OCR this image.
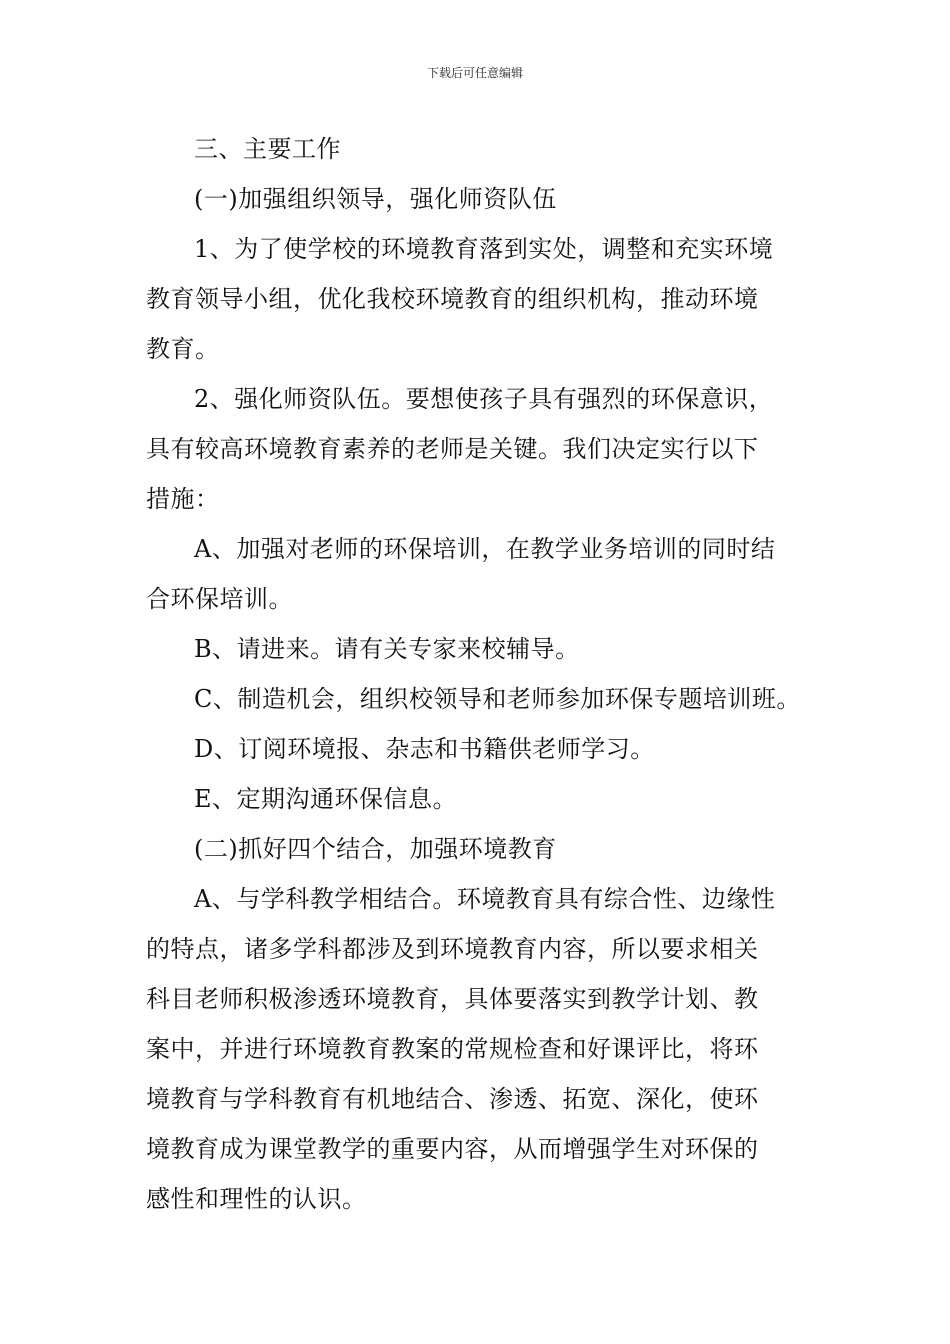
下载后可任意编辑
三、主要工作
(一)加强组织领导，强化师资队伍
1、为了使学校的环境教育落到实处，调整和充实环境
教育领导小组，优化我校环境教育的组织机构，推动环境
教育。
2、强化师资队伍。要想使孩子具有强烈的环保意识，
具有较高环境教育素养的老师是关键。我们决定实行以下
措施：
A、加强对老师的环保培训，在教学业务培训的同时结
合环保培训。
B、请进来。请有关专家来校辅导。
C、制造机会，组织校领导和老师参加环保专题培训班。
D、订阅环境报、杂志和书籍供老师学习。
E、定期沟通环保信息。
(二)抓好四个结合，加强环境教育
A、与学科教学相结合。环境教育具有综合性、边缘性
的特点，诸多学科都涉及到环境教育内容，所以要求相关
科目老师积极渗透环境教育，具体要落实到教学计划、教
案中，并进行环境教育教案的常规检查和好课评比，将环
境教育与学科教育有机地结合、渗透、拓宽、深化，使环
境教育成为课堂教学的重要内容，从而增强学生对环保的
感性和理性的认识。
